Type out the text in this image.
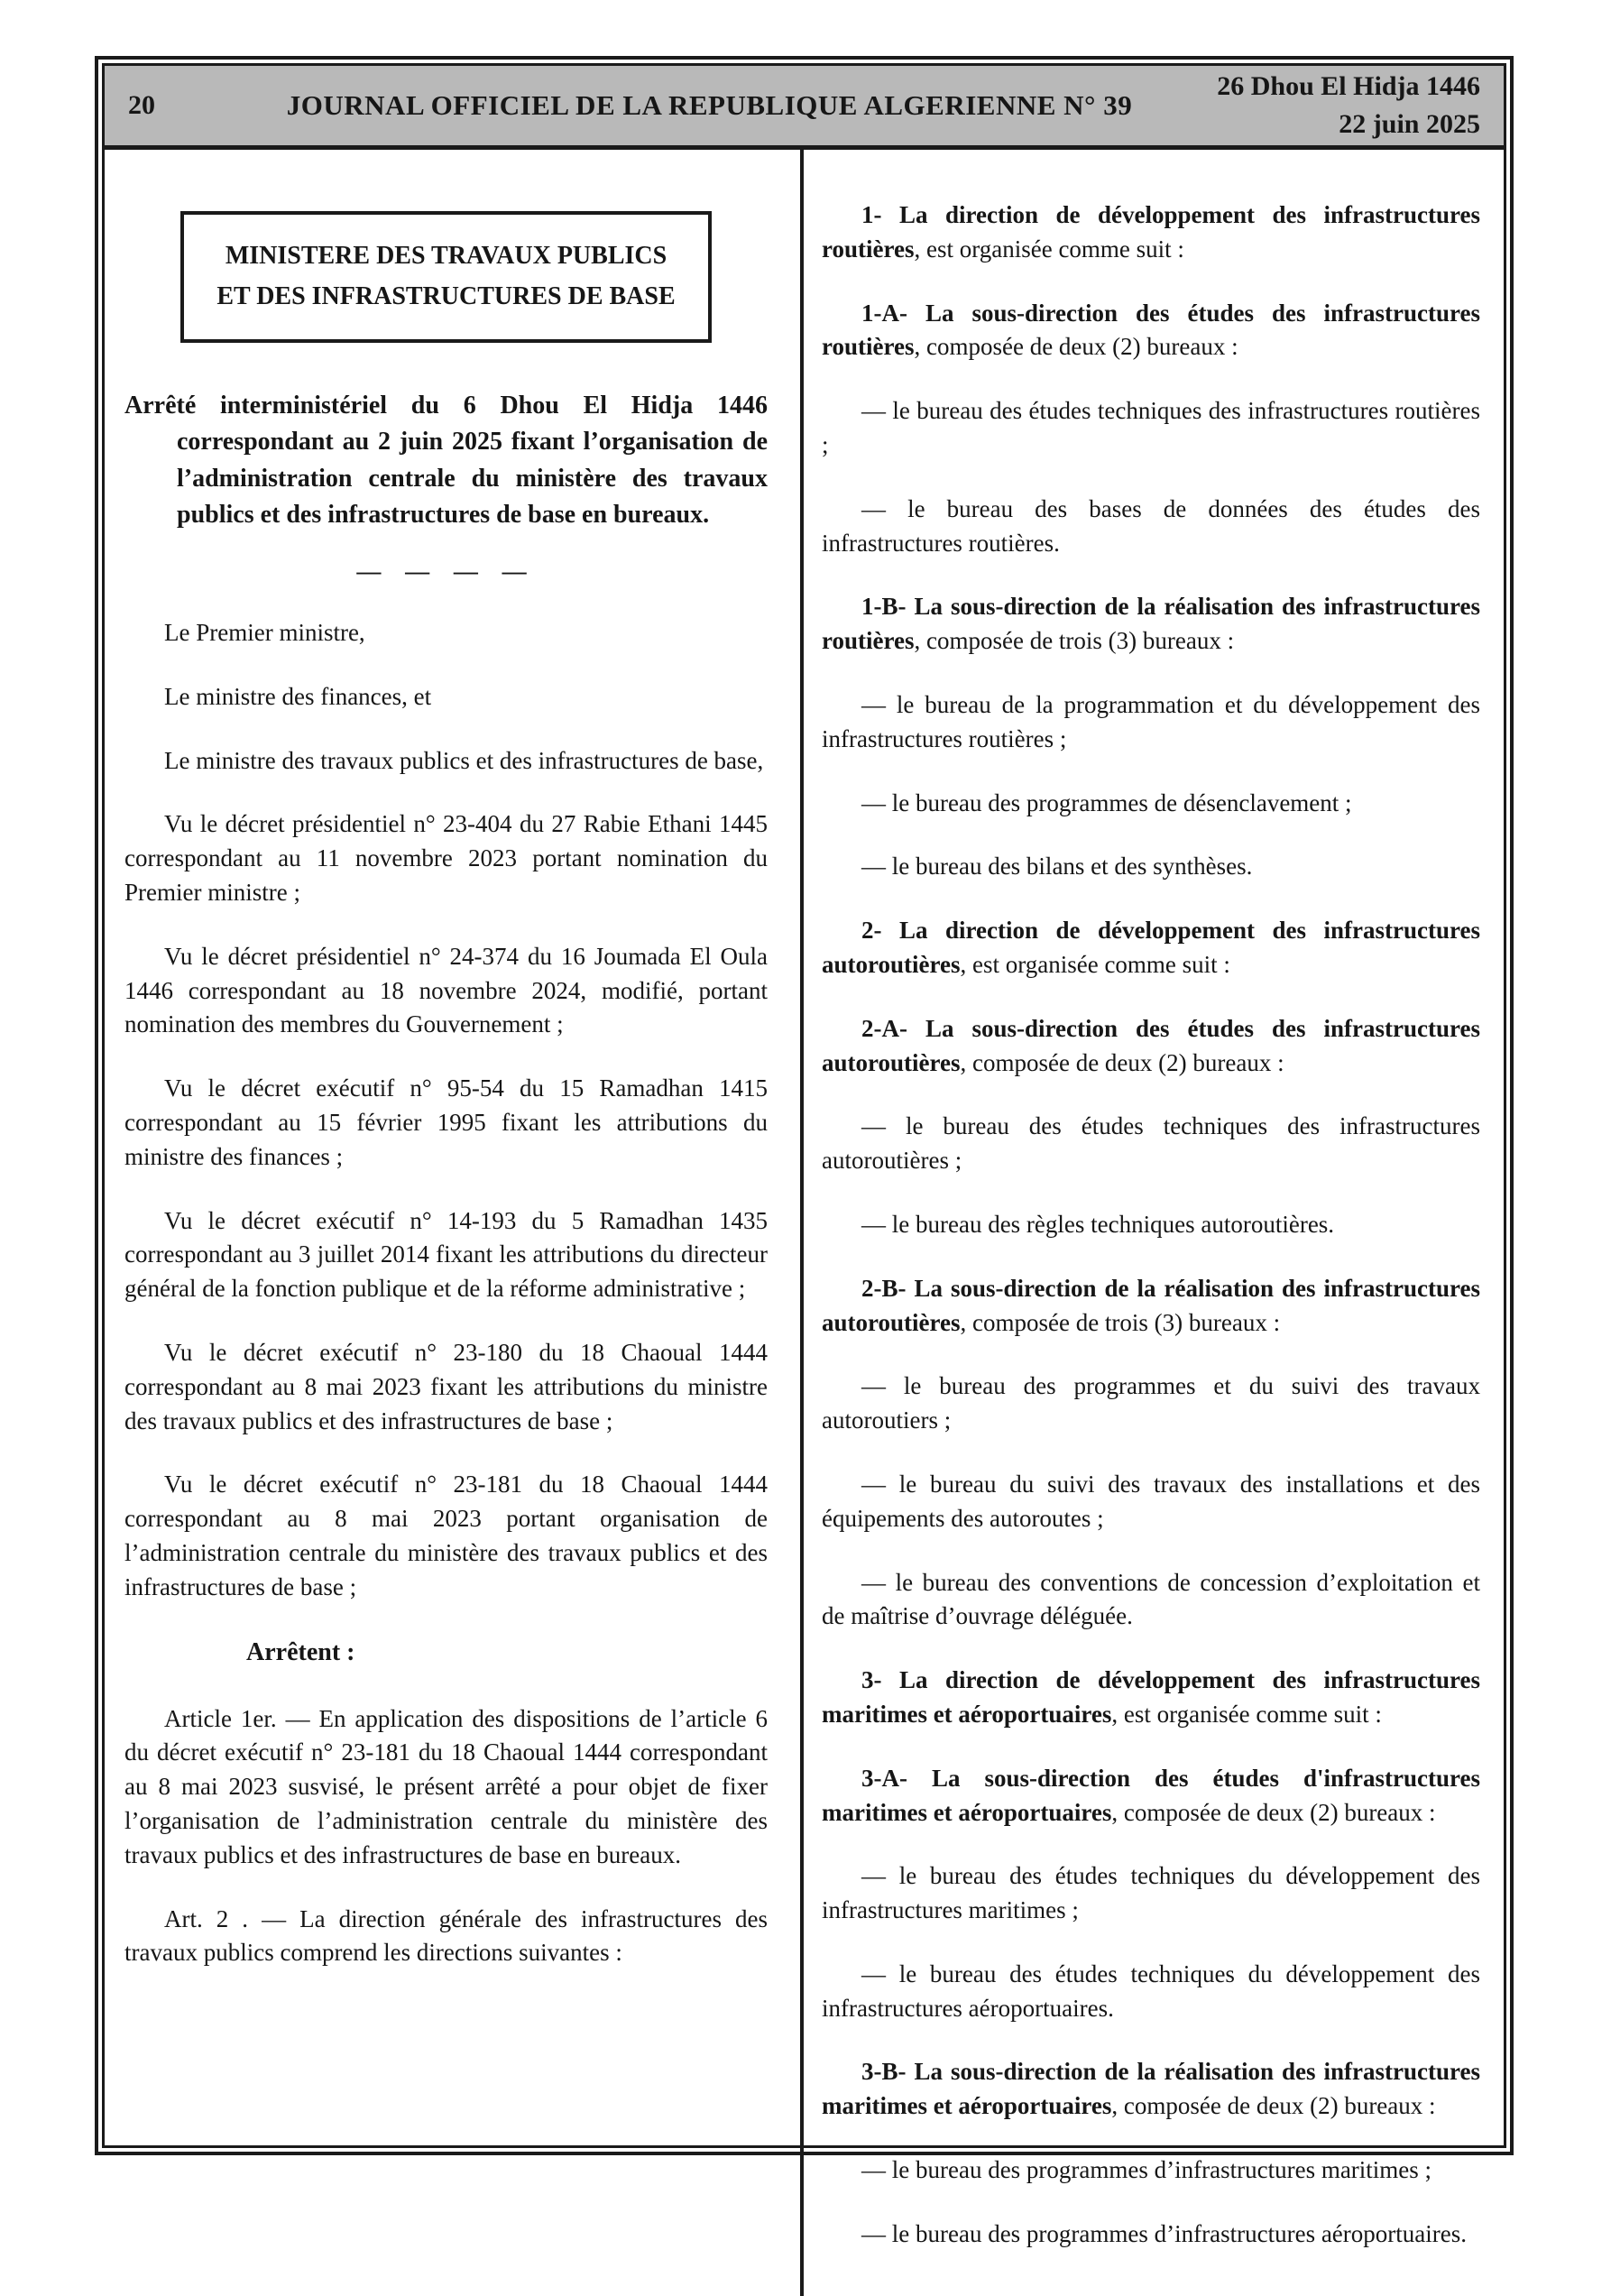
20	JOURNAL OFFICIEL DE LA REPUBLIQUE ALGERIENNE N° 39
26 Dhou El Hidja 1446
22 juin 2025
MINISTERE DES TRAVAUX PUBLICS
ET DES INFRASTRUCTURES DE BASE

Arrêté interministériel du 6 Dhou El Hidja 1446 correspondant au 2 juin 2025 fixant l’organisation de l’administration centrale du ministère des travaux publics et des infrastructures de base en bureaux.

— — — —

Le Premier ministre,

Le ministre des finances, et

Le ministre des travaux publics et des infrastructures de base,

Vu le décret présidentiel n° 23-404 du 27 Rabie Ethani 1445 correspondant au 11 novembre 2023 portant nomination du Premier ministre ;

Vu le décret présidentiel n° 24-374 du 16 Joumada El Oula 1446 correspondant au 18 novembre 2024, modifié, portant nomination des membres du Gouvernement ;

Vu le décret exécutif n° 95-54 du 15 Ramadhan 1415 correspondant au 15 février 1995 fixant les attributions du ministre des finances ;

Vu le décret exécutif n° 14-193 du 5 Ramadhan 1435 correspondant au 3 juillet 2014 fixant les attributions du directeur général de la fonction publique et de la réforme administrative ;

Vu le décret exécutif n° 23-180 du 18 Chaoual 1444 correspondant au 8 mai 2023 fixant les attributions du ministre des travaux publics et des infrastructures de base ;

Vu le décret exécutif n° 23-181 du 18 Chaoual 1444 correspondant au 8 mai 2023 portant organisation de l’administration centrale du ministère des travaux publics et des infrastructures de base ;

Arrêtent :

Article 1er. — En application des dispositions de l’article 6 du décret exécutif n° 23-181 du 18 Chaoual 1444 correspondant au 8 mai 2023 susvisé, le présent arrêté a pour objet de fixer l’organisation de l’administration centrale du ministère des travaux publics et des infrastructures de base en bureaux.

Art. 2 . — La direction générale des infrastructures des travaux publics comprend les directions suivantes :

1- La direction de développement des infrastructures routières, est organisée comme suit :

1-A- La sous-direction des études des infrastructures routières, composée de deux (2) bureaux :

— le bureau des études techniques des infrastructures routières ;

— le bureau des bases de données des études des infrastructures routières.

1-B- La sous-direction de la réalisation des infrastructures routières, composée de trois (3) bureaux :

— le bureau de la programmation et du développement des infrastructures routières ;

— le bureau des programmes de désenclavement ;

— le bureau des bilans et des synthèses.

2- La direction de développement des infrastructures autoroutières, est organisée comme suit :

2-A- La sous-direction des études des infrastructures autoroutières, composée de deux (2) bureaux :

— le bureau des études techniques des infrastructures autoroutières ;

— le bureau des règles techniques autoroutières.

2-B- La sous-direction de la réalisation des infrastructures autoroutières, composée de trois (3) bureaux :

— le bureau des programmes et du suivi des travaux autoroutiers ;

— le bureau du suivi des travaux des installations et des équipements des autoroutes ;

— le bureau des conventions de concession d’exploitation et de maîtrise d’ouvrage déléguée.

3- La direction de développement des infrastructures maritimes et aéroportuaires, est organisée comme suit :

3-A- La sous-direction des études d'infrastructures maritimes et aéroportuaires, composée de deux (2) bureaux :

— le bureau des études techniques du développement des infrastructures maritimes ;

— le bureau des études techniques du développement des infrastructures aéroportuaires.

3-B- La sous-direction de la réalisation des infrastructures maritimes et aéroportuaires, composée de deux (2) bureaux :

— le bureau des programmes d’infrastructures maritimes ;

— le bureau des programmes d’infrastructures aéroportuaires.
